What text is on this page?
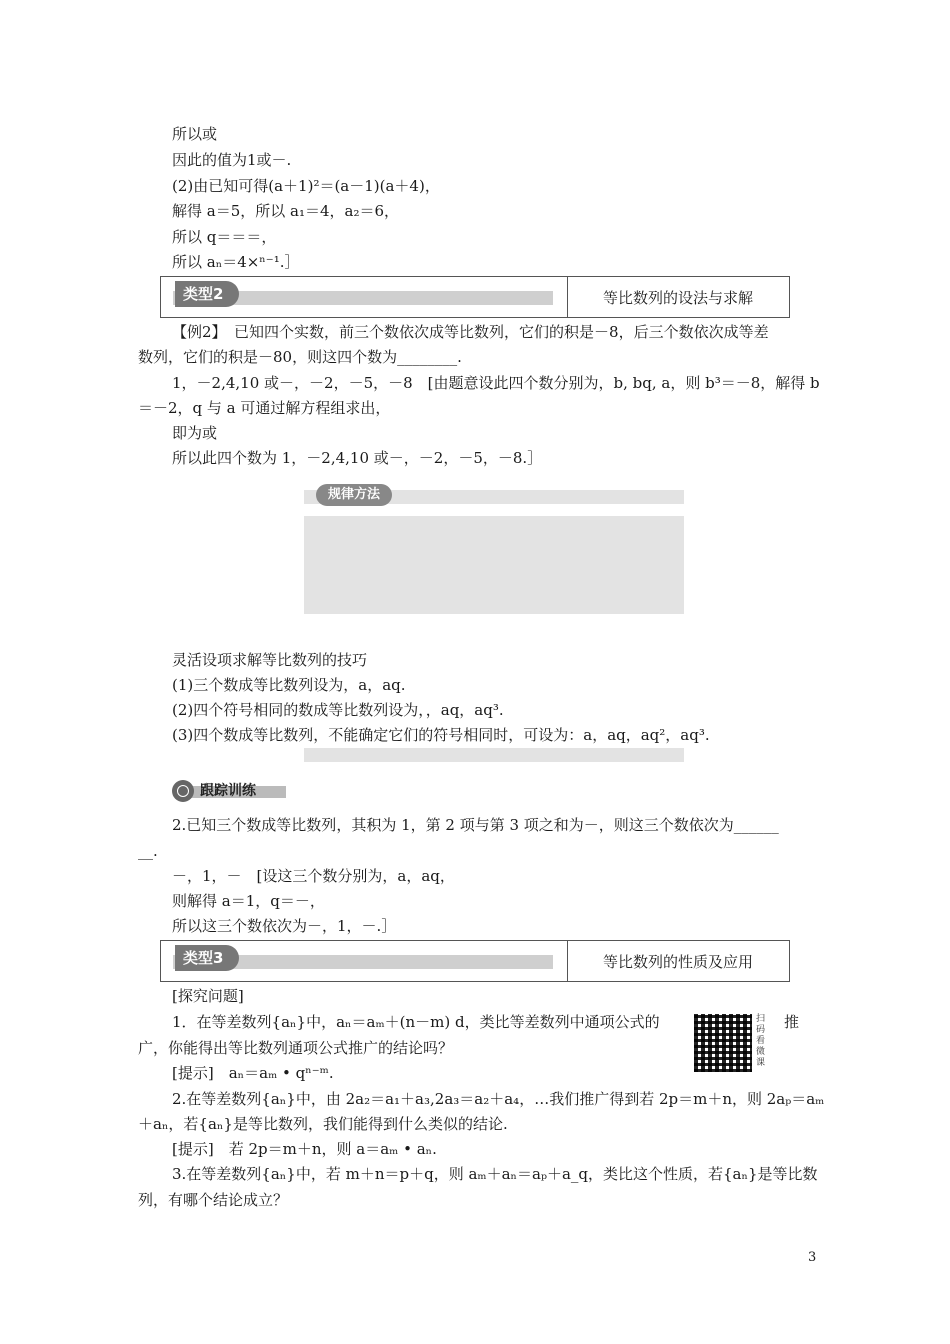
所以或
因此的值为1或－.
(2)由已知可得(a＋1)²＝(a－1)(a＋4)，
解得 a＝5，所以 a₁＝4，a₂＝6，
所以 q＝＝＝，
所以 aₙ＝4×ⁿ⁻¹.］
类型2	等比数列的设法与求解
【例2】　已知四个实数，前三个数依次成等比数列，它们的积是－8，后三个数依次成等差
数列，它们的积是－80，则这四个数为________.
1，－2,4,10 或－，－2，－5，－8　[由题意设此四个数分别为，b, bq, a，则 b³＝－8，解得 b
＝－2，q 与 a 可通过解方程组求出，
即为或
所以此四个数为 1，－2,4,10 或－，－2，－5，－8.］
规律方法
灵活设项求解等比数列的技巧
(1)三个数成等比数列设为，a，aq.
(2)四个符号相同的数成等比数列设为，，aq，aq³.
(3)四个数成等比数列，不能确定它们的符号相同时，可设为：a，aq，aq²，aq³.
跟踪训练
2.已知三个数成等比数列，其积为 1，第 2 项与第 3 项之和为－，则这三个数依次为______
__.
－，1，－　[设这三个数分别为，a，aq，
则解得 a＝1，q＝－，
所以这三个数依次为－，1，－.］
类型3	等比数列的性质及应用
[探究问题]
1．在等差数列{aₙ}中，aₙ＝aₘ＋(n－m) d，类比等差数列中通项公式的	扫码看微课
推
广，你能得出等比数列通项公式推广的结论吗？
[提示]　aₙ＝aₘ • qⁿ⁻ᵐ.
2.在等差数列{aₙ}中，由 2a₂＝a₁＋a₃,2a₃＝a₂＋a₄，…我们推广得到若 2p＝m＋n，则 2aₚ＝aₘ
＋aₙ，若{aₙ}是等比数列，我们能得到什么类似的结论.
[提示]　若 2p＝m＋n，则 a＝aₘ • aₙ.
3.在等差数列{aₙ}中，若 m＋n＝p＋q，则 aₘ＋aₙ＝aₚ＋a_q，类比这个性质，若{aₙ}是等比数
列，有哪个结论成立？
3
